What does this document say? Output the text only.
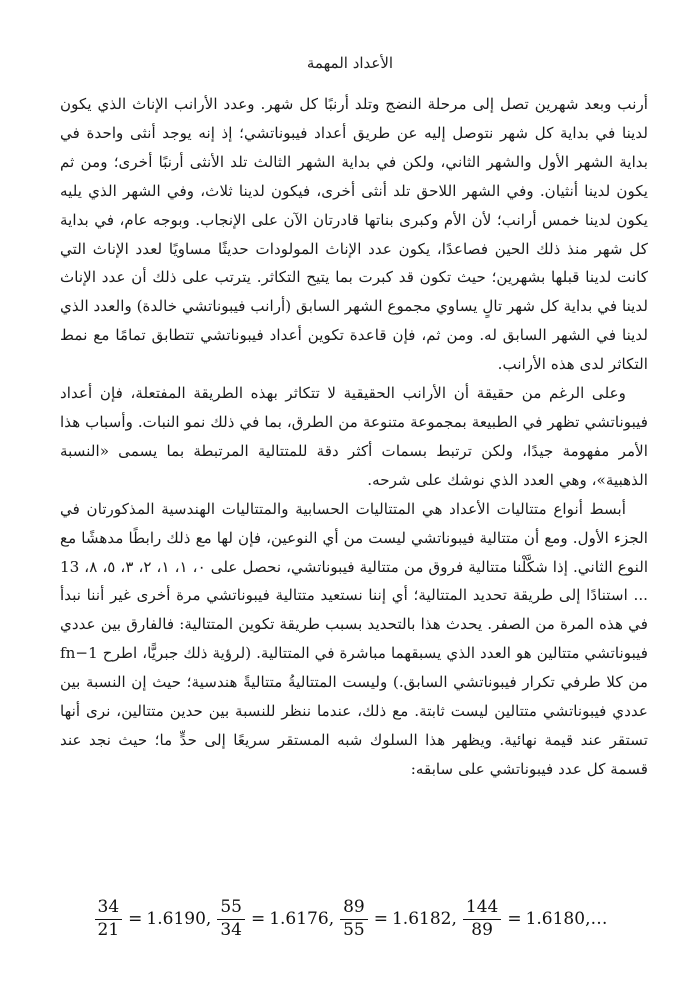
الأعداد المهمة

أرنب وبعد شهرين تصل إلى مرحلة النضج وتلد أرنبًا كل شهر. وعدد الأرانب الإناث الذي يكون لدينا في بداية كل شهر نتوصل إليه عن طريق أعداد فيبوناتشي؛ إذ إنه يوجد أنثى واحدة في بداية الشهر الأول والشهر الثاني، ولكن في بداية الشهر الثالث تلد الأنثى أرنبًا أخرى؛ ومن ثم يكون لدينا أنثيان. وفي الشهر اللاحق تلد أنثى أخرى، فيكون لدينا ثلاث، وفي الشهر الذي يليه يكون لدينا خمس أرانب؛ لأن الأم وكبرى بناتها قادرتان الآن على الإنجاب. وبوجه عام، في بداية كل شهر منذ ذلك الحين فصاعدًا، يكون عدد الإناث المولودات حديثًا مساويًا لعدد الإناث التي كانت لدينا قبلها بشهرين؛ حيث تكون قد كبرت بما يتيح التكاثر. يترتب على ذلك أن عدد الإناث لدينا في بداية كل شهر تالٍ يساوي مجموع الشهر السابق (أرانب فيبوناتشي خالدة) والعدد الذي لدينا في الشهر السابق له. ومن ثم، فإن قاعدة تكوين أعداد فيبوناتشي تتطابق تمامًا مع نمط التكاثر لدى هذه الأرانب.

وعلى الرغم من حقيقة أن الأرانب الحقيقية لا تتكاثر بهذه الطريقة المفتعلة، فإن أعداد فيبوناتشي تظهر في الطبيعة بمجموعة متنوعة من الطرق، بما في ذلك نمو النبات. وأسباب هذا الأمر مفهومة جيدًا، ولكن ترتبط بسمات أكثر دقة للمتتالية المرتبطة بما يسمى «النسبة الذهبية»، وهي العدد الذي نوشك على شرحه.

أبسط أنواع متتاليات الأعداد هي المتتاليات الحسابية والمتتاليات الهندسية المذكورتان في الجزء الأول. ومع أن متتالية فيبوناتشي ليست من أي النوعين، فإن لها مع ذلك رابطًا مدهشًا مع النوع الثاني. إذا شكَّلْنا متتالية فروق من متتالية فيبوناتشي، نحصل على ٠، ١، ١، ٢، ٣، ٥، ٨، 13 ... استنادًا إلى طريقة تحديد المتتالية؛ أي إننا نستعيد متتالية فيبوناتشي مرة أخرى غير أننا نبدأ في هذه المرة من الصفر. يحدث هذا بالتحديد بسبب طريقة تكوين المتتالية: فالفارق بين عددي فيبوناتشي متتالين هو العدد الذي يسبقهما مباشرة في المتتالية. (لرؤية ذلك جبريًّا، اطرح fn−1 من كلا طرفي تكرار فيبوناتشي السابق.) وليست المتتاليةُ متتاليةً هندسية؛ حيث إن النسبة بين عددي فيبوناتشي متتالين ليست ثابتة. مع ذلك، عندما ننظر للنسبة بين حدين متتالين، نرى أنها تستقر عند قيمة نهائية. ويظهر هذا السلوك شبه المستقر سريعًا إلى حدٍّ ما؛ حيث نجد عند قسمة كل عدد فيبوناتشي على سابقه:

$\frac{34}{21} = 1.6190$ , $\frac{55}{34} = 1.6176$ , $\frac{89}{55} = 1.6182$ , $\frac{144}{89} = 1.6180$ ,…
